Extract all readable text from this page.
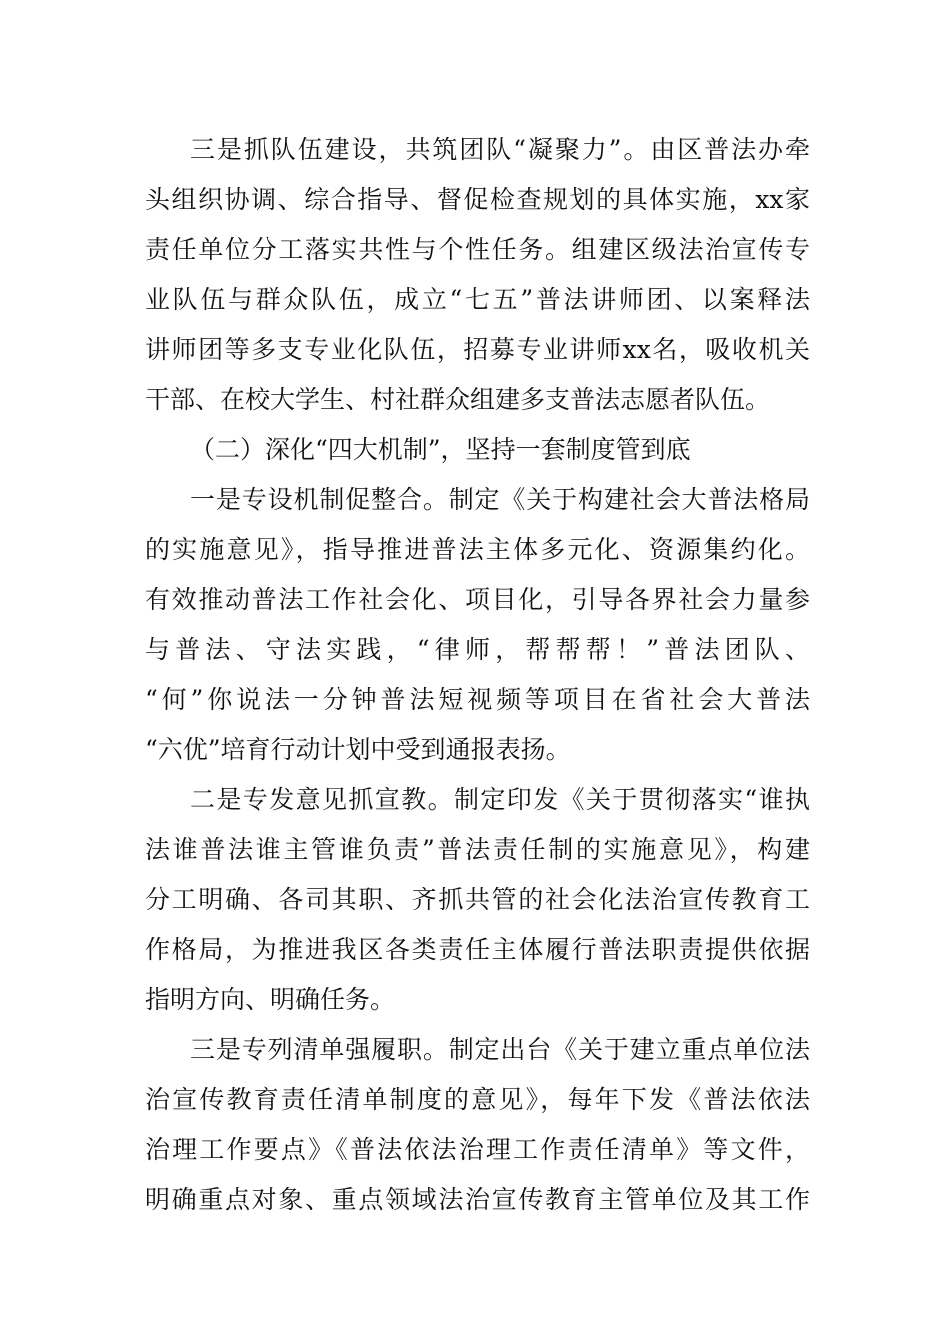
三是抓队伍建设，共筑团队“凝聚力”。由区普法办牵
头组织协调、综合指导、督促检查规划的具体实施，xx家
责任单位分工落实共性与个性任务。组建区级法治宣传专
业队伍与群众队伍，成立“七五”普法讲师团、以案释法
讲师团等多支专业化队伍，招募专业讲师xx名，吸收机关
干部、在校大学生、村社群众组建多支普法志愿者队伍。
（二）深化“四大机制”，坚持一套制度管到底
一是专设机制促整合。制定《关于构建社会大普法格局
的实施意见》，指导推进普法主体多元化、资源集约化。
有效推动普法工作社会化、项目化，引导各界社会力量参
与普法、守法实践，“律师，帮帮帮！”普法团队、
“何”你说法一分钟普法短视频等项目在省社会大普法
“六优”培育行动计划中受到通报表扬。
二是专发意见抓宣教。制定印发《关于贯彻落实“谁执
法谁普法谁主管谁负责”普法责任制的实施意见》，构建
分工明确、各司其职、齐抓共管的社会化法治宣传教育工
作格局，为推进我区各类责任主体履行普法职责提供依据
指明方向、明确任务。
三是专列清单强履职。制定出台《关于建立重点单位法
治宣传教育责任清单制度的意见》，每年下发《普法依法
治理工作要点》《普法依法治理工作责任清单》等文件，
明确重点对象、重点领域法治宣传教育主管单位及其工作
